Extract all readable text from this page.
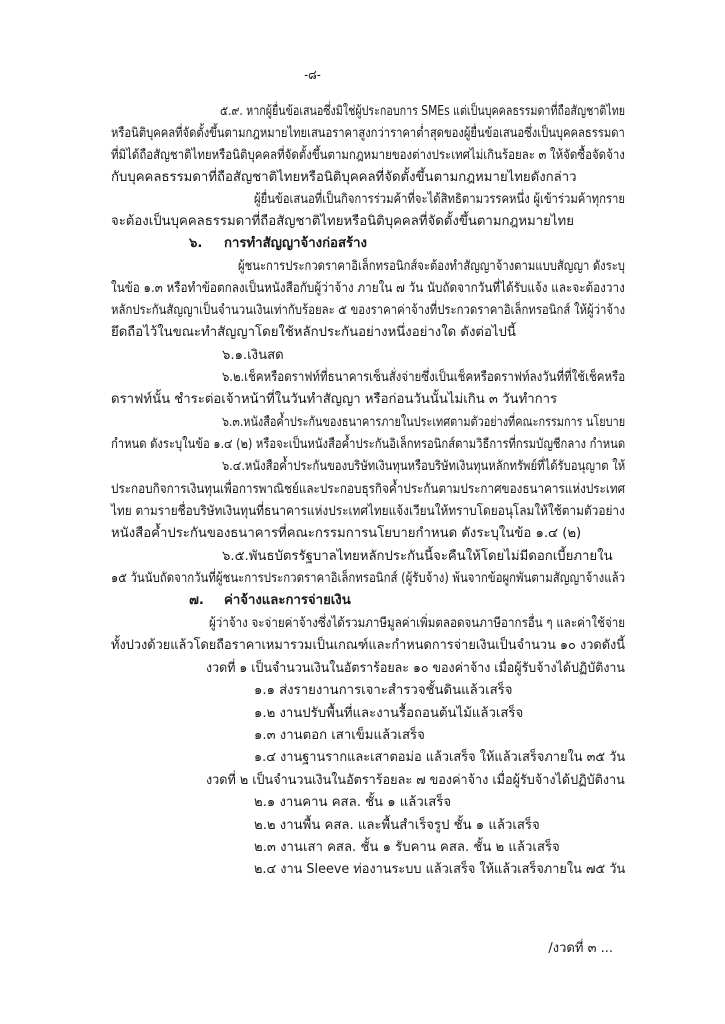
-๘-
๕.๙. หากผู้ยื่นข้อเสนอซึ่งมิใช่ผู้ประกอบการ SMEs แต่เป็นบุคคลธรรมดาที่ถือสัญชาติไทย
หรือนิติบุคคลที่จัดตั้งขึ้นตามกฎหมายไทยเสนอราคาสูงกว่าราคาต่ำสุดของผู้ยื่นข้อเสนอซึ่งเป็นบุคคลธรรมดา
ที่มิได้ถือสัญชาติไทยหรือนิติบุคคลที่จัดตั้งขึ้นตามกฎหมายของต่างประเทศไม่เกินร้อยละ ๓ ให้จัดซื้อจัดจ้าง
กับบุคคลธรรมดาที่ถือสัญชาติไทยหรือนิติบุคคลที่จัดตั้งขึ้นตามกฎหมายไทยดังกล่าว
ผู้ยื่นข้อเสนอที่เป็นกิจการร่วมค้าที่จะได้สิทธิตามวรรคหนึ่ง ผู้เข้าร่วมค้าทุกราย
จะต้องเป็นบุคคลธรรมดาที่ถือสัญชาติไทยหรือนิติบุคคลที่จัดตั้งขึ้นตามกฎหมายไทย
๖. การทำสัญญาจ้างก่อสร้าง
ผู้ชนะการประกวดราคาอิเล็กทรอนิกส์จะต้องทำสัญญาจ้างตามแบบสัญญา ดังระบุ
ในข้อ ๑.๓ หรือทำข้อตกลงเป็นหนังสือกับผู้ว่าจ้าง ภายใน ๗ วัน นับถัดจากวันที่ได้รับแจ้ง และจะต้องวาง
หลักประกันสัญญาเป็นจำนวนเงินเท่ากับร้อยละ ๕ ของราคาค่าจ้างที่ประกวดราคาอิเล็กทรอนิกส์ ให้ผู้ว่าจ้าง
ยึดถือไว้ในขณะทำสัญญาโดยใช้หลักประกันอย่างหนึ่งอย่างใด ดังต่อไปนี้
๖.๑.เงินสด
๖.๒.เช็คหรือดราฟท์ที่ธนาคารเซ็นสั่งจ่ายซึ่งเป็นเช็คหรือดราฟท์ลงวันที่ที่ใช้เช็คหรือ
ดราฟท์นั้น ชำระต่อเจ้าหน้าที่ในวันทำสัญญา หรือก่อนวันนั้นไม่เกิน ๓ วันทำการ
๖.๓.หนังสือค้ำประกันของธนาคารภายในประเทศตามตัวอย่างที่คณะกรรมการ นโยบาย
กำหนด ดังระบุในข้อ ๑.๔ (๒) หรือจะเป็นหนังสือค้ำประกันอิเล็กทรอนิกส์ตามวิธีการที่กรมบัญชีกลาง กำหนด
๖.๔.หนังสือค้ำประกันของบริษัทเงินทุนหรือบริษัทเงินทุนหลักทรัพย์ที่ได้รับอนุญาต ให้
ประกอบกิจการเงินทุนเพื่อการพาณิชย์และประกอบธุรกิจค้ำประกันตามประกาศของธนาคารแห่งประเทศ
ไทย ตามรายชื่อบริษัทเงินทุนที่ธนาคารแห่งประเทศไทยแจ้งเวียนให้ทราบโดยอนุโลมให้ใช้ตามตัวอย่าง
หนังสือค้ำประกันของธนาคารที่คณะกรรมการนโยบายกำหนด ดังระบุในข้อ ๑.๔ (๒)
๖.๕.พันธบัตรรัฐบาลไทยหลักประกันนี้จะคืนให้โดยไม่มีดอกเบี้ยภายใน
๑๕ วันนับถัดจากวันที่ผู้ชนะการประกวดราคาอิเล็กทรอนิกส์ (ผู้รับจ้าง) พ้นจากข้อผูกพันตามสัญญาจ้างแล้ว
๗. ค่าจ้างและการจ่ายเงิน
ผู้ว่าจ้าง จะจ่ายค่าจ้างซึ่งได้รวมภาษีมูลค่าเพิ่มตลอดจนภาษีอากรอื่น ๆ และค่าใช้จ่าย
ทั้งปวงด้วยแล้วโดยถือราคาเหมารวมเป็นเกณฑ์และกำหนดการจ่ายเงินเป็นจำนวน ๑๐ งวดดังนี้
งวดที่ ๑ เป็นจำนวนเงินในอัตราร้อยละ ๑๐ ของค่าจ้าง เมื่อผู้รับจ้างได้ปฏิบัติงาน
๑.๑ ส่งรายงานการเจาะสำรวจชั้นดินแล้วเสร็จ
๑.๒ งานปรับพื้นที่และงานรื้อถอนต้นไม้แล้วเสร็จ
๑.๓ งานตอก เสาเข็มแล้วเสร็จ
๑.๔ งานฐานรากและเสาตอม่อ แล้วเสร็จ ให้แล้วเสร็จภายใน ๓๕ วัน
งวดที่ ๒ เป็นจำนวนเงินในอัตราร้อยละ ๗ ของค่าจ้าง เมื่อผู้รับจ้างได้ปฏิบัติงาน
๒.๑ งานคาน คสล. ชั้น ๑ แล้วเสร็จ
๒.๒ งานพื้น คสล. และพื้นสำเร็จรูป ชั้น ๑ แล้วเสร็จ
๒.๓ งานเสา คสล. ชั้น ๑ รับคาน คสล. ชั้น ๒ แล้วเสร็จ
๒.๔ งาน Sleeve ท่องานระบบ แล้วเสร็จ ให้แล้วเสร็จภายใน ๗๕ วัน
/งวดที่ ๓ ...
